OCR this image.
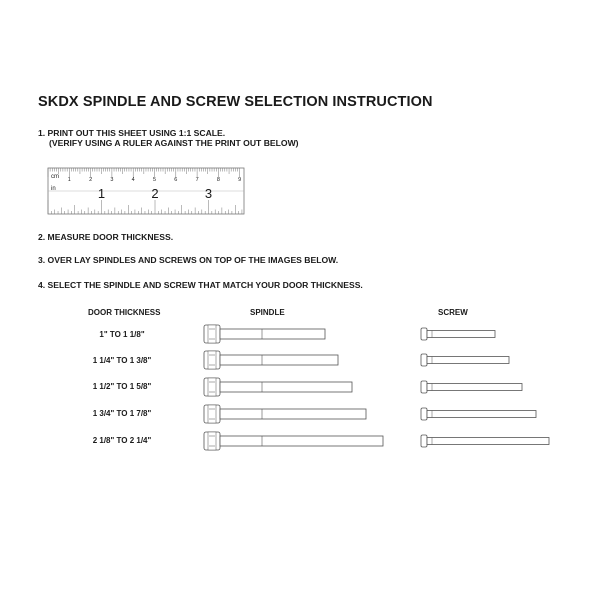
SKDX SPINDLE AND SCREW SELECTION INSTRUCTION
1. PRINT OUT THIS SHEET USING 1:1 SCALE.
(VERIFY USING A RULER AGAINST THE PRINT OUT BELOW)
1	2	3	4	5	6	7	8	9
1	2	3
cm
in
2. MEASURE DOOR THICKNESS.
3. OVER LAY SPINDLES AND SCREWS ON TOP OF THE IMAGES BELOW.
4. SELECT THE SPINDLE AND SCREW THAT MATCH YOUR DOOR THICKNESS.
DOOR THICKNESS	SPINDLE	SCREW
1" TO 1 1/8"
1 1/4" TO 1 3/8"
1 1/2" TO 1 5/8"
1 3/4" TO 1 7/8"
2 1/8" TO 2 1/4"
